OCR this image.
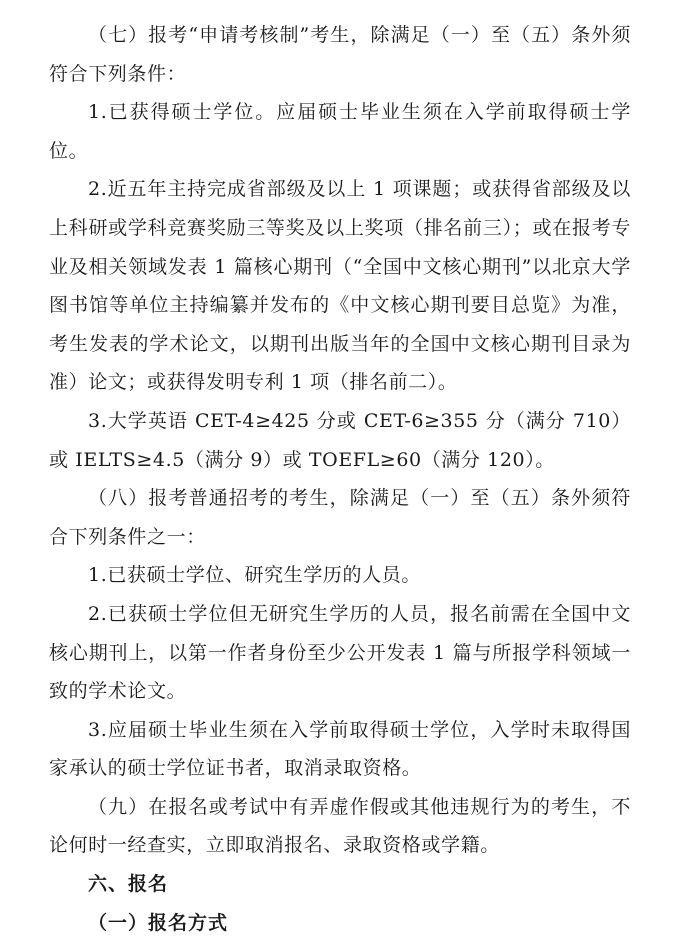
（七）报考“申请考核制”考生，除满足（一）至（五）条外须符合下列条件：

1.已获得硕士学位。应届硕士毕业生须在入学前取得硕士学位。

2.近五年主持完成省部级及以上 1 项课题；或获得省部级及以上科研或学科竞赛奖励三等奖及以上奖项（排名前三）；或在报考专业及相关领域发表 1 篇核心期刊（“全国中文核心期刊”以北京大学图书馆等单位主持编纂并发布的《中文核心期刊要目总览》为准，考生发表的学术论文，以期刊出版当年的全国中文核心期刊目录为准）论文；或获得发明专利 1 项（排名前二）。

3.大学英语 CET-4≥425 分或 CET-6≥355 分（满分 710）或 IELTS≥4.5（满分 9）或 TOEFL≥60（满分 120）。

（八）报考普通招考的考生，除满足（一）至（五）条外须符合下列条件之一：

1.已获硕士学位、研究生学历的人员。

2.已获硕士学位但无研究生学历的人员，报名前需在全国中文核心期刊上，以第一作者身份至少公开发表 1 篇与所报学科领域一致的学术论文。

3.应届硕士毕业生须在入学前取得硕士学位，入学时未取得国家承认的硕士学位证书者，取消录取资格。

（九）在报名或考试中有弄虚作假或其他违规行为的考生，不论何时一经查实，立即取消报名、录取资格或学籍。

六、报名

（一）报名方式
